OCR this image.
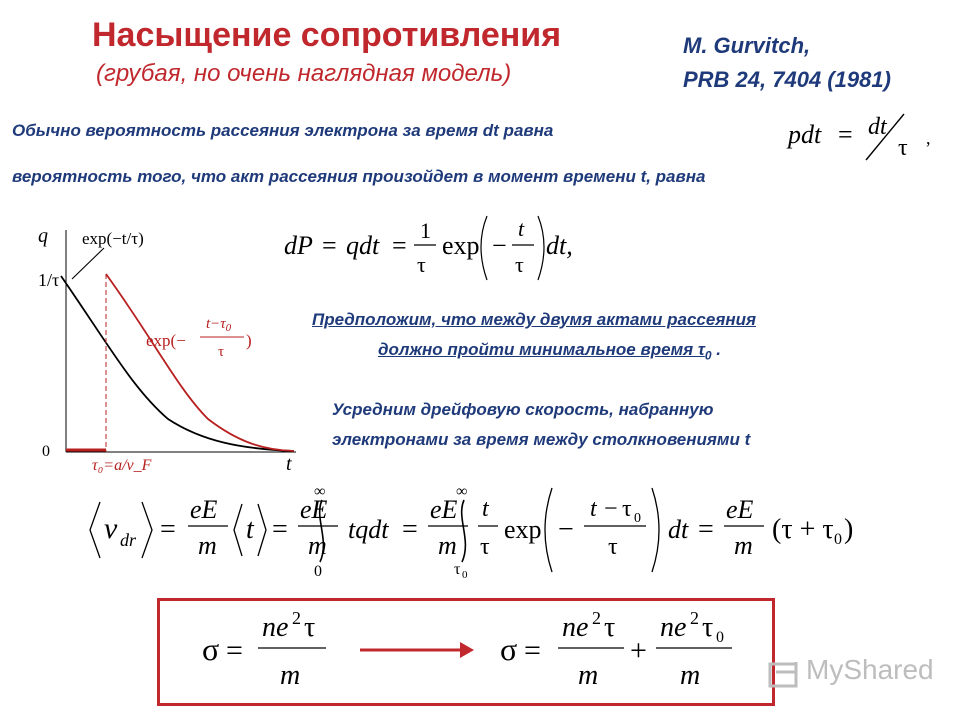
Насыщение сопротивления
(грубая, но очень наглядная модель)
M. Gurvitch,
PRB 24, 7404 (1981)
Обычно вероятность рассеяния электрона за время dt равна
вероятность того, что акт рассеяния произойдет в момент времени t, равна
pdt = dt
τ ,
dP = qdt =
1
τ
exp −
t
τ
dt,
q
t
1/τ
0
exp(−t/τ)
exp(−
$t-\tau_0$
τ
)
τ₀=a/v_F
Предположим, что между двумя актами рассеяния
должно пройти минимальное время $\tau_0$ .
Усредним дрейфовую скорость, набранную
электронами за время между столкновениями t
v dr =
eE
m
t =
eE
m
∞
0
tqdt =
eE
m
∞
τ 0
t
τ
exp −
t − τ 0
τ
dt =
eE
m
(τ + τ 0 )
σ =
ne 2 τ
m
σ =
ne 2 τ
m
+
ne 2 τ 0
m	MyShared
